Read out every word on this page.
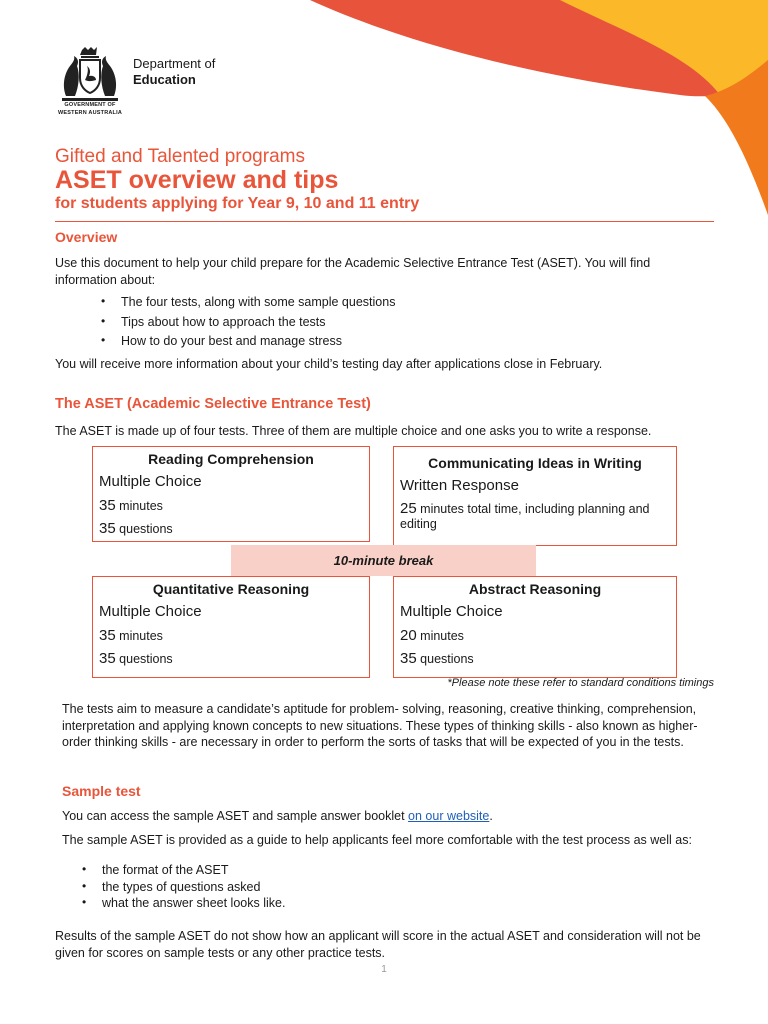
GOVERNMENT OF
WESTERN AUSTRALIA
Department of
Education
Gifted and Talented programs
ASET overview and tips
for students applying for Year 9, 10 and 11 entry
Overview
Use this document to help your child prepare for the Academic Selective Entrance Test (ASET). You will find information about:
• The four tests, along with some sample questions
• Tips about how to approach the tests
• How to do your best and manage stress
You will receive more information about your child’s testing day after applications close in February.
The ASET (Academic Selective Entrance Test)
The ASET is made up of four tests. Three of them are multiple choice and one asks you to write a response.
Reading Comprehension
Multiple Choice
35 minutes
35 questions
Communicating Ideas in Writing
Written Response
25 minutes total time, including planning and editing
10-minute break
Quantitative Reasoning
Multiple Choice
35 minutes
35 questions
Abstract Reasoning
Multiple Choice
20 minutes
35 questions
*Please note these refer to standard conditions timings
The tests aim to measure a candidate’s aptitude for problem- solving, reasoning, creative thinking, comprehension, interpretation and applying known concepts to new situations. These types of thinking skills - also known as higher-order thinking skills - are necessary in order to perform the sorts of tasks that will be expected of you in the tests.
Sample test
You can access the sample ASET and sample answer booklet on our website.
The sample ASET is provided as a guide to help applicants feel more comfortable with the test process as well as:
• the format of the ASET
• the types of questions asked
• what the answer sheet looks like.
Results of the sample ASET do not show how an applicant will score in the actual ASET and consideration will not be given for scores on sample tests or any other practice tests.
1
